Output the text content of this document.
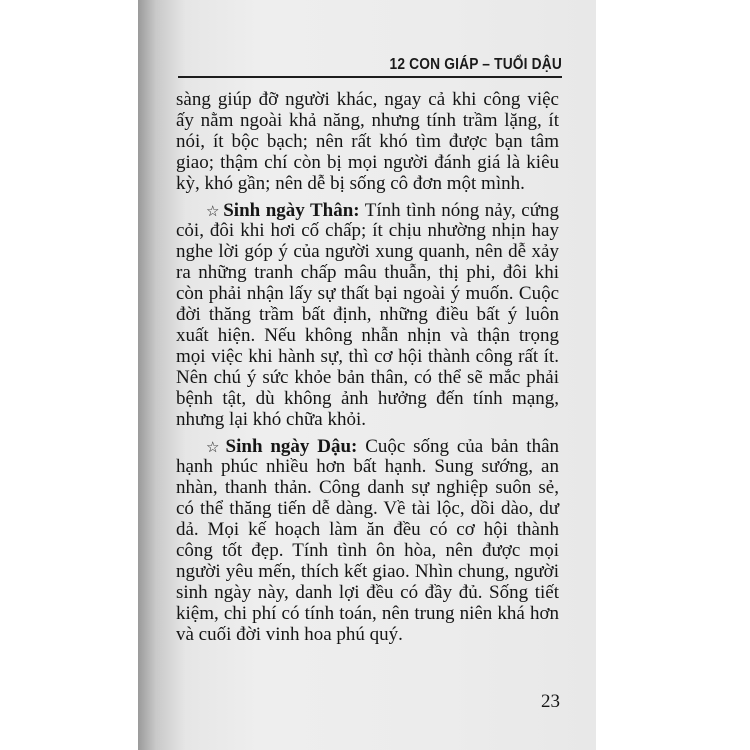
12 CON GIÁP – TUỔI DẬU

sàng giúp đỡ người khác, ngay cả khi công việc ấy nằm ngoài khả năng, nhưng tính trầm lặng, ít nói, ít bộc bạch; nên rất khó tìm được bạn tâm giao; thậm chí còn bị mọi người đánh giá là kiêu kỳ, khó gần; nên dễ bị sống cô đơn một mình.

☆ Sinh ngày Thân: Tính tình nóng nảy, cứng cỏi, đôi khi hơi cố chấp; ít chịu nhường nhịn hay nghe lời góp ý của người xung quanh, nên dễ xảy ra những tranh chấp mâu thuẫn, thị phi, đôi khi còn phải nhận lấy sự thất bại ngoài ý muốn. Cuộc đời thăng trầm bất định, những điều bất ý luôn xuất hiện. Nếu không nhẫn nhịn và thận trọng mọi việc khi hành sự, thì cơ hội thành công rất ít. Nên chú ý sức khỏe bản thân, có thể sẽ mắc phải bệnh tật, dù không ảnh hưởng đến tính mạng, nhưng lại khó chữa khỏi.

☆ Sinh ngày Dậu: Cuộc sống của bản thân hạnh phúc nhiều hơn bất hạnh. Sung sướng, an nhàn, thanh thản. Công danh sự nghiệp suôn sẻ, có thể thăng tiến dễ dàng. Về tài lộc, dồi dào, dư dả. Mọi kế hoạch làm ăn đều có cơ hội thành công tốt đẹp. Tính tình ôn hòa, nên được mọi người yêu mến, thích kết giao. Nhìn chung, người sinh ngày này, danh lợi đều có đầy đủ. Sống tiết kiệm, chi phí có tính toán, nên trung niên khá hơn và cuối đời vinh hoa phú quý.

23
